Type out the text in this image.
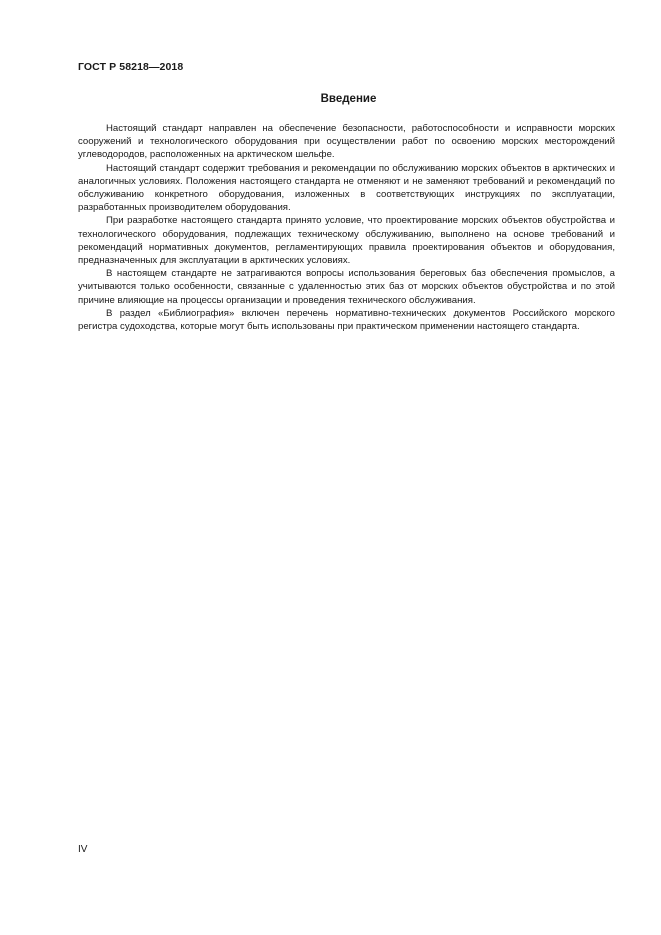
ГОСТ Р 58218—2018
Введение

Настоящий стандарт направлен на обеспечение безопасности, работоспособности и исправности морских сооружений и технологического оборудования при осуществлении работ по освоению морских месторождений углеводородов, расположенных на арктическом шельфе.

Настоящий стандарт содержит требования и рекомендации по обслуживанию морских объектов в арктических и аналогичных условиях. Положения настоящего стандарта не отменяют и не заменяют требований и рекомендаций по обслуживанию конкретного оборудования, изложенных в соответствующих инструкциях по эксплуатации, разработанных производителем оборудования.

При разработке настоящего стандарта принято условие, что проектирование морских объектов обустройства и технологического оборудования, подлежащих техническому обслуживанию, выполнено на основе требований и рекомендаций нормативных документов, регламентирующих правила проектирования объектов и оборудования, предназначенных для эксплуатации в арктических условиях.

В настоящем стандарте не затрагиваются вопросы использования береговых баз обеспечения промыслов, а учитываются только особенности, связанные с удаленностью этих баз от морских объектов обустройства и по этой причине влияющие на процессы организации и проведения технического обслуживания.

В раздел «Библиография» включен перечень нормативно-технических документов Российского морского регистра судоходства, которые могут быть использованы при практическом применении настоящего стандарта.

IV
